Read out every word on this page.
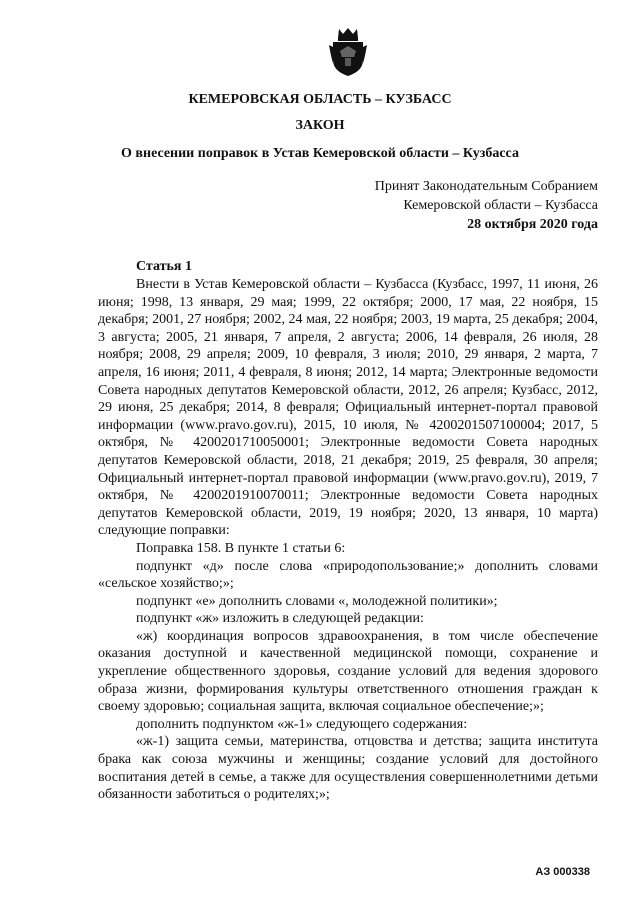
КЕМЕРОВСКАЯ ОБЛАСТЬ – КУЗБАСС
ЗАКОН
О внесении поправок в Устав Кемеровской области – Кузбасса
Принят Законодательным Собранием
Кемеровской области – Кузбасса
28 октября 2020 года
Статья 1

Внести в Устав Кемеровской области – Кузбасса (Кузбасс, 1997, 11 июня, 26 июня; 1998, 13 января, 29 мая; 1999, 22 октября; 2000, 17 мая, 22 ноября, 15 декабря; 2001, 27 ноября; 2002, 24 мая, 22 ноября; 2003, 19 марта, 25 декабря; 2004, 3 августа; 2005, 21 января, 7 апреля, 2 августа; 2006, 14 февраля, 26 июля, 28 ноября; 2008, 29 апреля; 2009, 10 февраля, 3 июля; 2010, 29 января, 2 марта, 7 апреля, 16 июня; 2011, 4 февраля, 8 июня; 2012, 14 марта; Электронные ведомости Совета народных депутатов Кемеровской области, 2012, 26 апреля; Кузбасс, 2012, 29 июня, 25 декабря; 2014, 8 февраля; Официальный интернет-портал правовой информации (www.pravo.gov.ru), 2015, 10 июля, № 4200201507100004; 2017, 5 октября, № 4200201710050001; Электронные ведомости Совета народных депутатов Кемеровской области, 2018, 21 декабря; 2019, 25 февраля, 30 апреля; Официальный интернет-портал правовой информации (www.pravo.gov.ru), 2019, 7 октября, № 4200201910070011; Электронные ведомости Совета народных депутатов Кемеровской области, 2019, 19 ноября; 2020, 13 января, 10 марта) следующие поправки:

Поправка 158. В пункте 1 статьи 6:

подпункт «д» после слова «природопользование;» дополнить словами «сельское хозяйство;»;

подпункт «е» дополнить словами «, молодежной политики»;

подпункт «ж» изложить в следующей редакции:

«ж) координация вопросов здравоохранения, в том числе обеспечение оказания доступной и качественной медицинской помощи, сохранение и укрепление общественного здоровья, создание условий для ведения здорового образа жизни, формирования культуры ответственного отношения граждан к своему здоровью; социальная защита, включая социальное обеспечение;»;

дополнить подпунктом «ж-1» следующего содержания:

«ж-1) защита семьи, материнства, отцовства и детства; защита института брака как союза мужчины и женщины; создание условий для достойного воспитания детей в семье, а также для осуществления совершеннолетними детьми обязанности заботиться о родителях;»;

АЗ 000338
